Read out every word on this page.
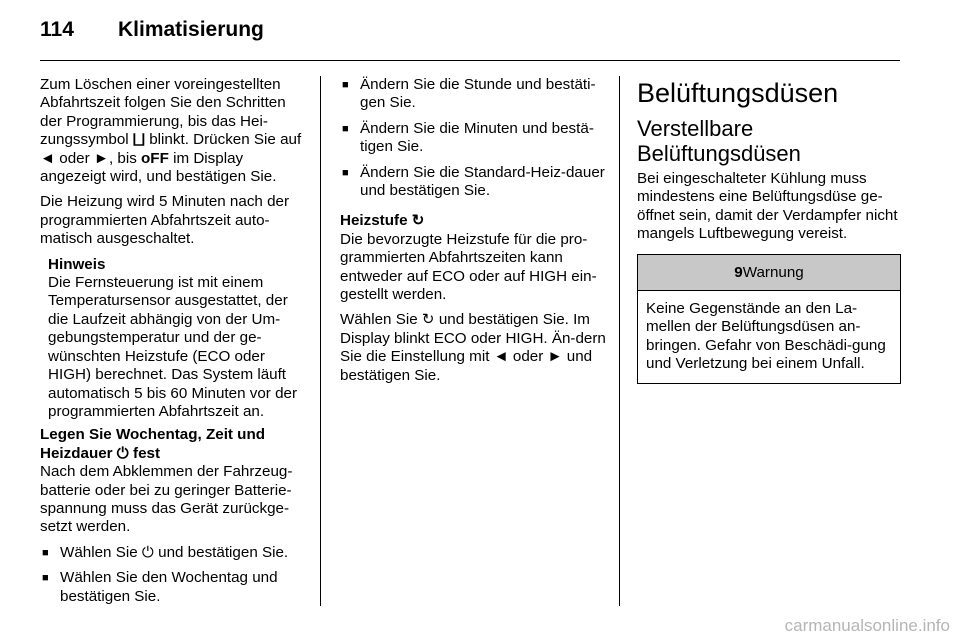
114 Klimatisierung

Zum Löschen einer voreingestellten Abfahrtszeit folgen Sie den Schritten der Programmierung, bis das Hei-zungssymbol ⨆ blinkt. Drücken Sie auf ◄ oder ►, bis oFF im Display angezeigt wird, und bestätigen Sie.

Die Heizung wird 5 Minuten nach der programmierten Abfahrtszeit auto-matisch ausgeschaltet.

Hinweis
Die Fernsteuerung ist mit einem Temperatursensor ausgestattet, der die Laufzeit abhängig von der Um-gebungstemperatur und der ge-wünschten Heizstufe (ECO oder HIGH) berechnet. Das System läuft automatisch 5 bis 60 Minuten vor der programmierten Abfahrtszeit an.
Legen Sie Wochentag, Zeit und Heizdauer ⏻ fest

Nach dem Abklemmen der Fahrzeug-batterie oder bei zu geringer Batterie-spannung muss das Gerät zurückge-setzt werden.

■ Wählen Sie ⏻ und bestätigen Sie.
■ Wählen Sie den Wochentag und bestätigen Sie.
■ Ändern Sie die Stunde und bestäti-gen Sie.
■ Ändern Sie die Minuten und bestä-tigen Sie.
■ Ändern Sie die Standard-Heiz-dauer und bestätigen Sie.
Heizstufe ↻

Die bevorzugte Heizstufe für die pro-grammierten Abfahrtszeiten kann entweder auf ECO oder auf HIGH ein-gestellt werden.

Wählen Sie ↻ und bestätigen Sie. Im Display blinkt ECO oder HIGH. Än-dern Sie die Einstellung mit ◄ oder ► und bestätigen Sie.

Belüftungsdüsen
Verstellbare Belüftungsdüsen

Bei eingeschalteter Kühlung muss mindestens eine Belüftungsdüse ge-öffnet sein, damit der Verdampfer nicht mangels Luftbewegung vereist.

9Warnung
Keine Gegenstände an den La-mellen der Belüftungsdüsen an-bringen. Gefahr von Beschädi-gung und Verletzung bei einem Unfall.
carmanualsonline.info
